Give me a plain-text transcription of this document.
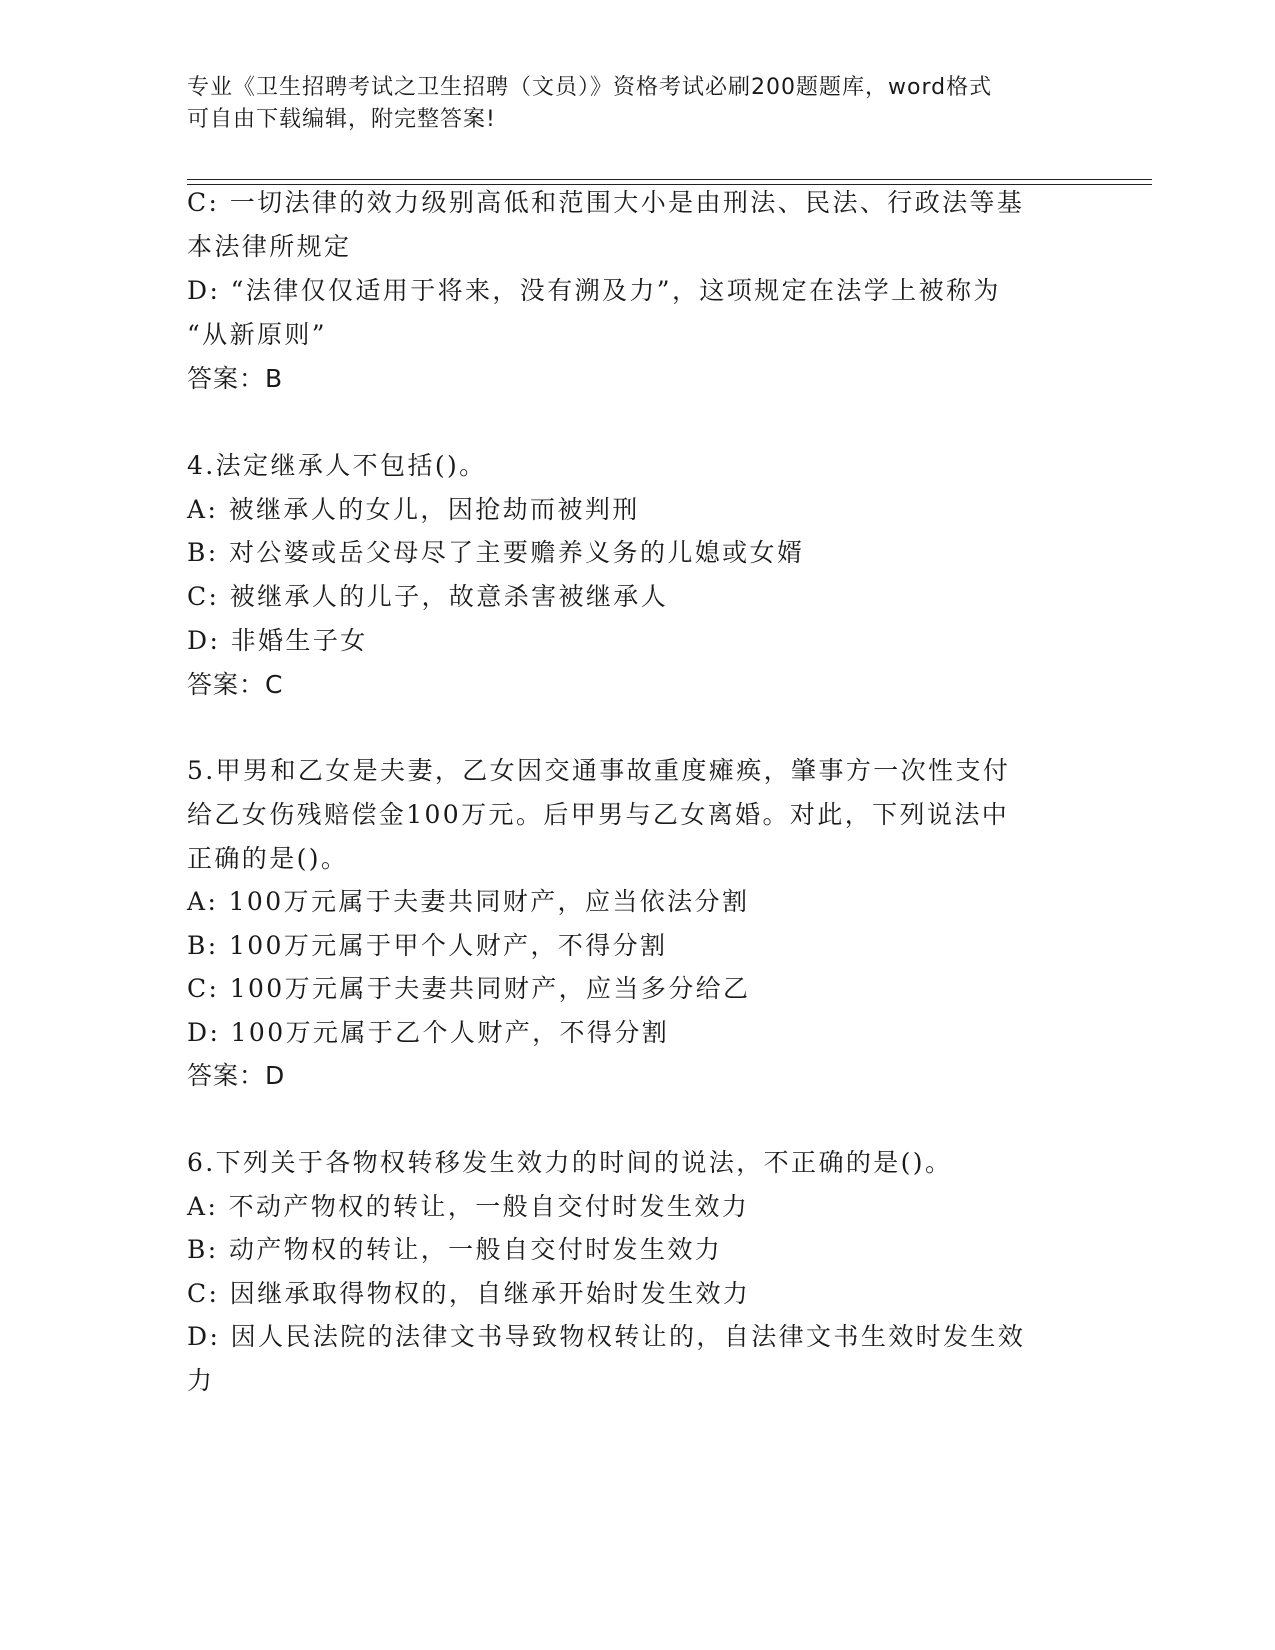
专业《卫生招聘考试之卫生招聘（文员）》资格考试必刷200题题库，word格式
可自由下载编辑，附完整答案!
C: 一切法律的效力级别高低和范围大小是由刑法、民法、行政法等基
本法律所规定
D: “法律仅仅适用于将来，没有溯及力”，这项规定在法学上被称为
“从新原则”
答案：B
4.法定继承人不包括()。
A: 被继承人的女儿，因抢劫而被判刑
B: 对公婆或岳父母尽了主要赡养义务的儿媳或女婿
C: 被继承人的儿子，故意杀害被继承人
D: 非婚生子女
答案：C
5.甲男和乙女是夫妻，乙女因交通事故重度瘫痪，肇事方一次性支付
给乙女伤残赔偿金100万元。后甲男与乙女离婚。对此，下列说法中
正确的是()。
A: 100万元属于夫妻共同财产，应当依法分割
B: 100万元属于甲个人财产，不得分割
C: 100万元属于夫妻共同财产，应当多分给乙
D: 100万元属于乙个人财产，不得分割
答案：D
6.下列关于各物权转移发生效力的时间的说法，不正确的是()。
A: 不动产物权的转让，一般自交付时发生效力
B: 动产物权的转让，一般自交付时发生效力
C: 因继承取得物权的，自继承开始时发生效力
D: 因人民法院的法律文书导致物权转让的，自法律文书生效时发生效
力
